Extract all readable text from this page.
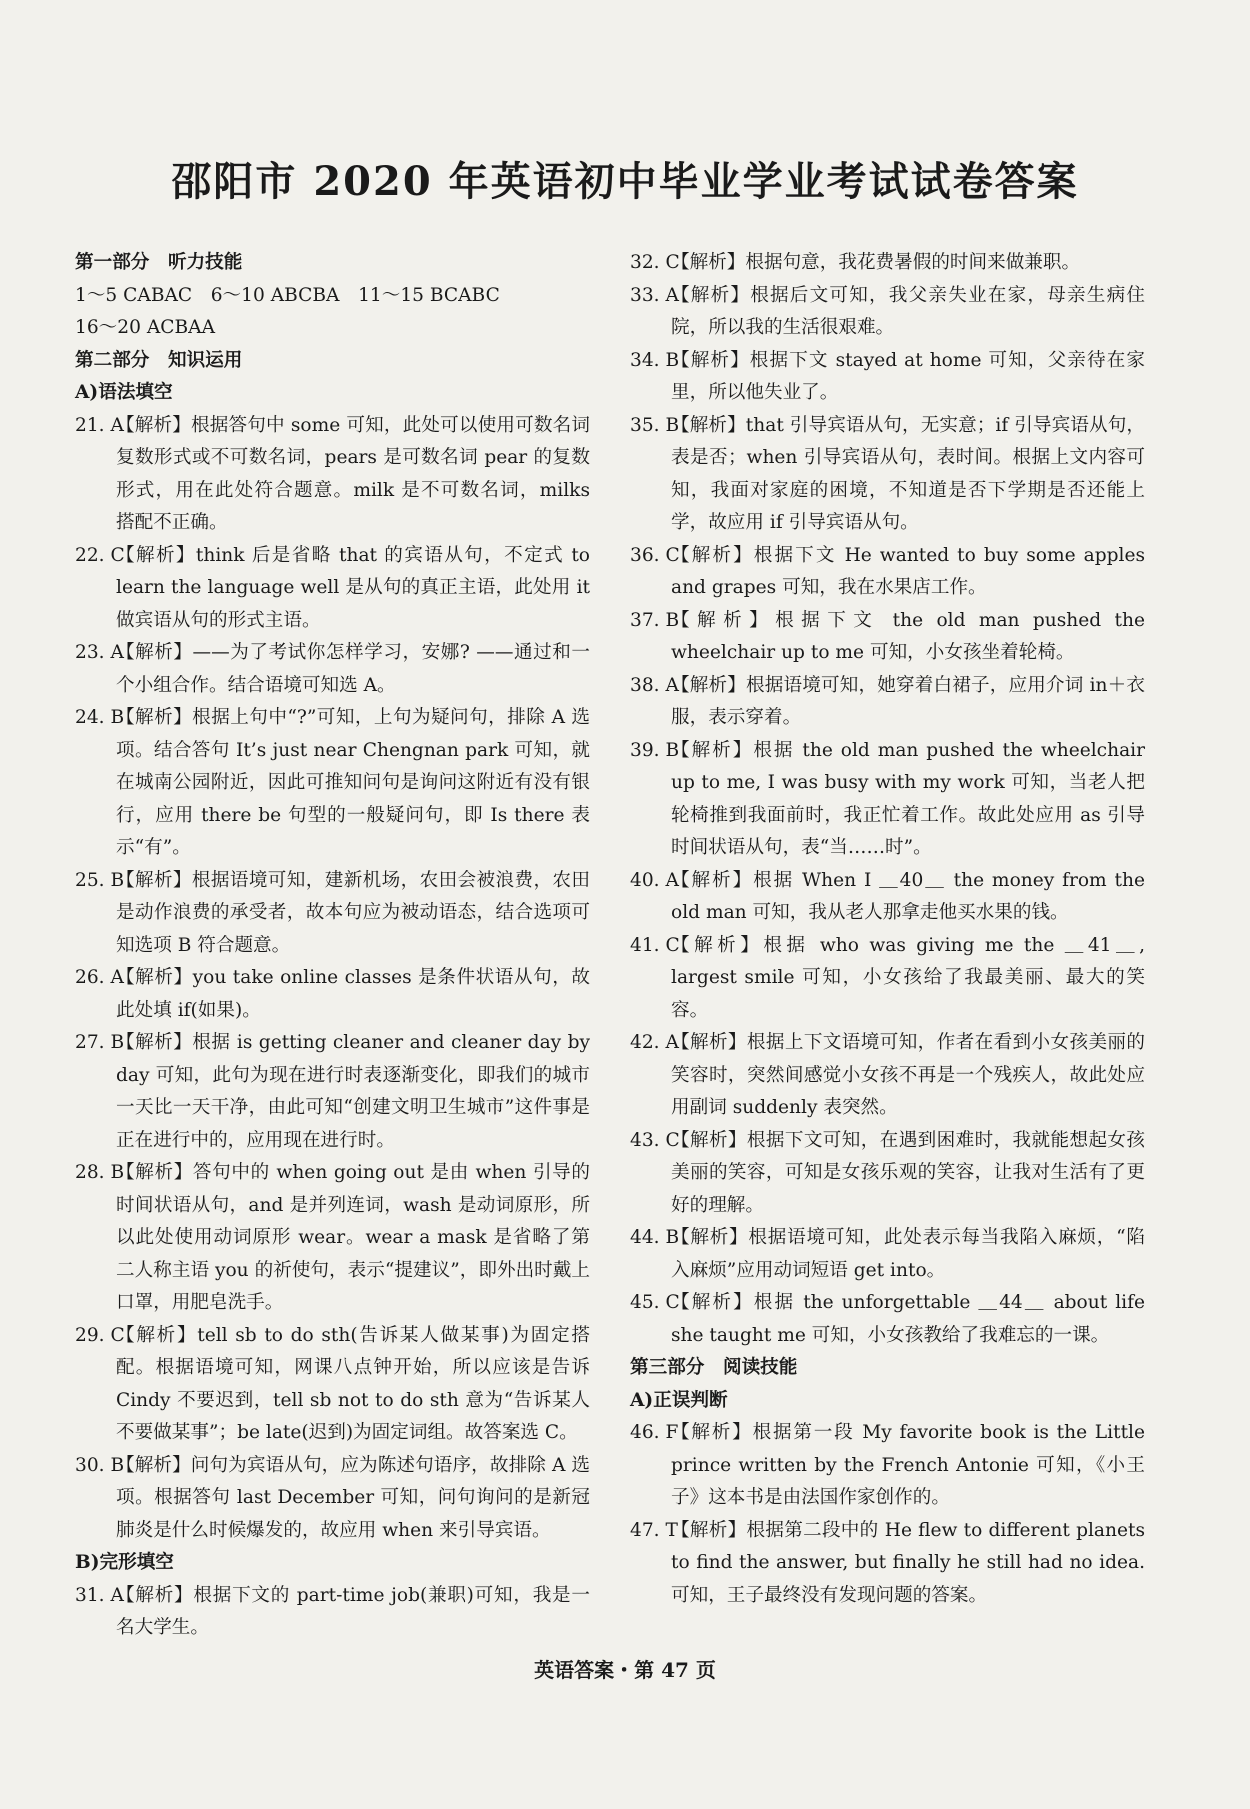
邵阳市 2020 年英语初中毕业学业考试试卷答案
第一部分　听力技能
1～5 CABAC　6～10 ABCBA　11～15 BCABC
16～20 ACBAA
第二部分　知识运用
A)语法填空
21. A
【解析】根据答句中 some 可知，此处可以使用可数名词复数形式或不可数名词，pears 是可数名词 pear 的复数形式，用在此处符合题意。milk 是不可数名词，milks 搭配不正确。
22. C
【解析】think 后是省略 that 的宾语从句，不定式 to learn the language well 是从句的真正主语，此处用 it 做宾语从句的形式主语。
23. A
【解析】——为了考试你怎样学习，安娜? ——通过和一个小组合作。结合语境可知选 A。
24. B
【解析】根据上句中“?”可知，上句为疑问句，排除 A 选项。结合答句 It’s just near Chengnan park 可知，就在城南公园附近，因此可推知问句是询问这附近有没有银行，应用 there be 句型的一般疑问句，即 Is there 表示“有”。
25. B
【解析】根据语境可知，建新机场，农田会被浪费，农田是动作浪费的承受者，故本句应为被动语态，结合选项可知选项 B 符合题意。
26. A
【解析】you take online classes 是条件状语从句，故此处填 if(如果)。
27. B
【解析】根据 is getting cleaner and cleaner day by day 可知，此句为现在进行时表逐渐变化，即我们的城市一天比一天干净，由此可知“创建文明卫生城市”这件事是正在进行中的，应用现在进行时。
28. B
【解析】答句中的 when going out 是由 when 引导的时间状语从句，and 是并列连词，wash 是动词原形，所以此处使用动词原形 wear。wear a mask 是省略了第二人称主语 you 的祈使句，表示“提建议”，即外出时戴上口罩，用肥皂洗手。
29. C
【解析】tell sb to do sth(告诉某人做某事)为固定搭配。根据语境可知，网课八点钟开始，所以应该是告诉 Cindy 不要迟到，tell sb not to do sth 意为“告诉某人不要做某事”；be late(迟到)为固定词组。故答案选 C。
30. B
【解析】问句为宾语从句，应为陈述句语序，故排除 A 选项。根据答句 last December 可知，问句询问的是新冠肺炎是什么时候爆发的，故应用 when 来引导宾语。
B)完形填空
31. A
【解析】根据下文的 part-time job(兼职)可知，我是一名大学生。
32. C
【解析】根据句意，我花费暑假的时间来做兼职。
33. A
【解析】根据后文可知，我父亲失业在家，母亲生病住院，所以我的生活很艰难。
34. B
【解析】根据下文 stayed at home 可知，父亲待在家里，所以他失业了。
35. B
【解析】that 引导宾语从句，无实意；if 引导宾语从句，表是否；when 引导宾语从句，表时间。根据上文内容可知，我面对家庭的困境，不知道是否下学期是否还能上学，故应用 if 引导宾语从句。
36. C
【解析】根据下文 He wanted to buy some apples and grapes 可知，我在水果店工作。
37. B
【解析】根据下文 the old man pushed the wheelchair up to me 可知，小女孩坐着轮椅。
38. A
【解析】根据语境可知，她穿着白裙子，应用介词 in＋衣服，表示穿着。
39. B
【解析】根据 the old man pushed the wheelchair up to me, I was busy with my work 可知，当老人把轮椅推到我面前时，我正忙着工作。故此处应用 as 引导时间状语从句，表“当……时”。
40. A
【解析】根据 When I ＿40＿ the money from the old man 可知，我从老人那拿走他买水果的钱。
41. C
【解析】根据 who was giving me the ＿41＿, largest smile 可知，小女孩给了我最美丽、最大的笑容。
42. A
【解析】根据上下文语境可知，作者在看到小女孩美丽的笑容时，突然间感觉小女孩不再是一个残疾人，故此处应用副词 suddenly 表突然。
43. C
【解析】根据下文可知，在遇到困难时，我就能想起女孩美丽的笑容，可知是女孩乐观的笑容，让我对生活有了更好的理解。
44. B
【解析】根据语境可知，此处表示每当我陷入麻烦，“陷入麻烦”应用动词短语 get into。
45. C
【解析】根据 the unforgettable ＿44＿ about life she taught me 可知，小女孩教给了我难忘的一课。
第三部分　阅读技能
A)正误判断
46. F
【解析】根据第一段 My favorite book is the Little prince written by the French Antonie 可知，《小王子》这本书是由法国作家创作的。
47. T
【解析】根据第二段中的 He flew to different planets to find the answer, but finally he still had no idea. 可知，王子最终没有发现问题的答案。
英语答案・第 47 页
